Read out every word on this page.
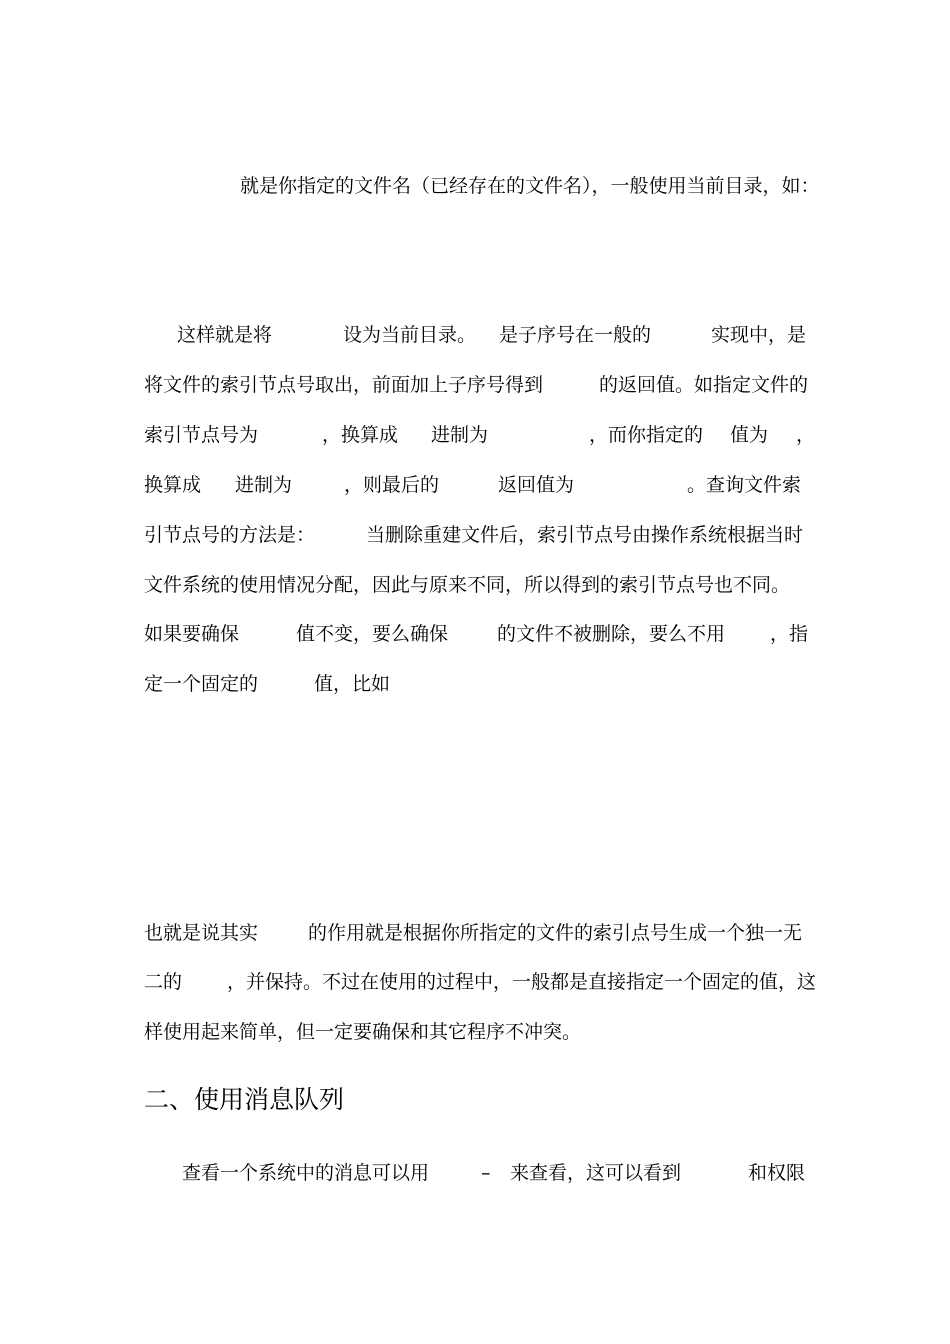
就是你指定的文件名（已经存在的文件名），一般使用当前目录，如：
这样就是将	设为当前目录。 是子序号在一般的	实现中，是
将文件的索引节点号取出，前面加上子序号得到	的返回值。如指定文件的
索引节点号为	，换算成 进制为	，而你指定的 值为 ，
换算成 进制为	，则最后的	返回值为	。查询文件索
引节点号的方法是：	当删除重建文件后，索引节点号由操作系统根据当时
文件系统的使用情况分配，因此与原来不同，所以得到的索引节点号也不同。
如果要确保	值不变，要么确保	的文件不被删除，要么不用 ，指
定一个固定的	值，比如
也就是说其实	的作用就是根据你所指定的文件的索引点号生成一个独一无
二的 ，并保持。不过在使用的过程中，一般都是直接指定一个固定的值，这
样使用起来简单，但一定要确保和其它程序不冲突。
二、使用消息队列
查看一个系统中的消息可以用	– 来查看，这可以看到	和权限
